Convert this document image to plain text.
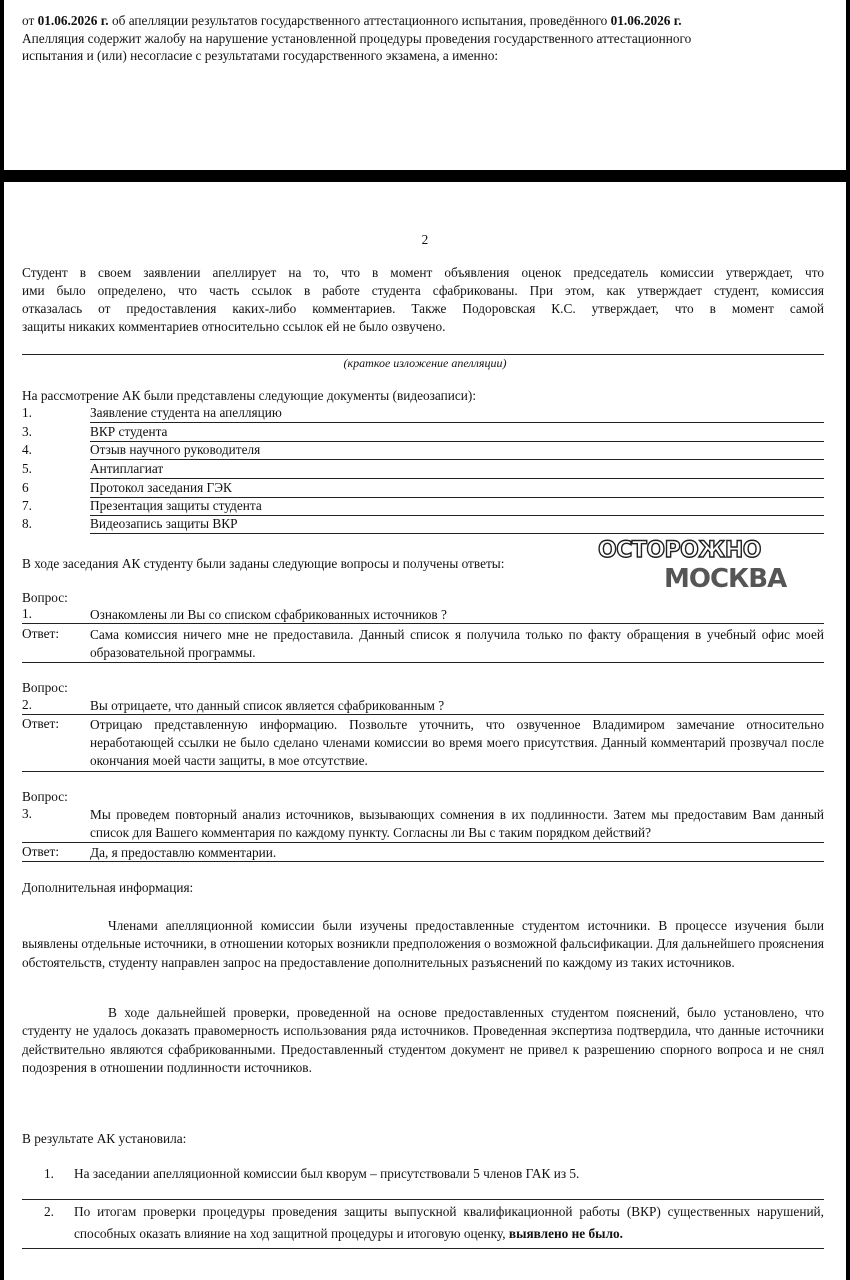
от 01.06.2026 г. об апелляции результатов государственного аттестационного испытания, проведённого 01.06.2026 г.
Апелляция содержит жалобу на нарушение установленной процедуры проведения государственного аттестационного
испытания и (или) несогласие с результатами государственного экзамена, а именно:
2
Студент в своем заявлении апеллирует на то, что в момент объявления оценок председатель комиссии утверждает, что
ими было определено, что часть ссылок в работе студента сфабрикованы. При этом, как утверждает студент, комиссия
отказалась от предоставления каких-либо комментариев. Также Подоровская К.С. утверждает, что в момент самой
защиты никаких комментариев относительно ссылок ей не было озвучено.
(краткое изложение апелляции)
На рассмотрение АК были представлены следующие документы (видеозаписи):
1.	Заявление студента на апелляцию
3.	ВКР студента
4.	Отзыв научного руководителя
5.	Антиплагиат
6	Протокол заседания ГЭК
7.	Презентация защиты студента
8.	Видеозапись защиты ВКР
В ходе заседания АК студенту были заданы следующие вопросы и получены ответы:
ОСТОРОЖНО
МОСКВА
Вопрос:
1.	Ознакомлены ли Вы со списком сфабрикованных источников ?
Ответ: Сама комиссия ничего мне не предоставила. Данный список я получила только по факту обращения в учебный офис моей образовательной программы.
Вопрос:
2.	Вы отрицаете, что данный список является сфабрикованным ?
Ответ: Отрицаю представленную информацию. Позвольте уточнить, что озвученное Владимиром замечание относительно неработающей ссылки не было сделано членами комиссии во время моего присутствия. Данный комментарий прозвучал после окончания моей части защиты, в мое отсутствие.
Вопрос:
3.	Мы проведем повторный анализ источников, вызывающих сомнения в их подлинности. Затем мы предоставим Вам данный список для Вашего комментария по каждому пункту. Согласны ли Вы с таким порядком действий?
Ответ: Да, я предоставлю комментарии.
Дополнительная информация:
Членами апелляционной комиссии были изучены предоставленные студентом источники. В процессе изучения были выявлены отдельные источники, в отношении которых возникли предположения о возможной фальсификации. Для дальнейшего прояснения обстоятельств, студенту направлен запрос на предоставление дополнительных разъяснений по каждому из таких источников.
В ходе дальнейшей проверки, проведенной на основе предоставленных студентом пояснений, было установлено, что студенту не удалось доказать правомерность использования ряда источников. Проведенная экспертиза подтвердила, что данные источники действительно являются сфабрикованными. Предоставленный студентом документ не привел к разрешению спорного вопроса и не снял подозрения в отношении подлинности источников.
В результате АК установила:
1. На заседании апелляционной комиссии был кворум – присутствовали 5 членов ГАК из 5.
2. По итогам проверки процедуры проведения защиты выпускной квалификационной работы (ВКР) существенных нарушений, способных оказать влияние на ход защитной процедуры и итоговую оценку, выявлено не было.
